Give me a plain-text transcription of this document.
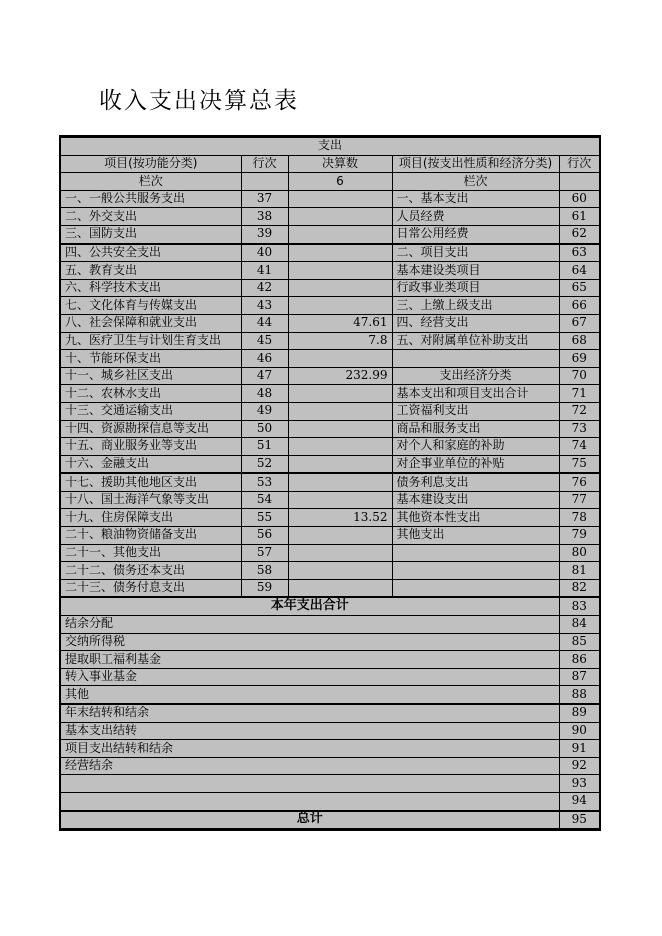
收入支出决算总表
支出				
项目(按功能分类)	行次	决算数	项目(按支出性质和经济分类)	行次
栏次		6	栏次	
一、一般公共服务支出	37		一、基本支出	60
二、外交支出	38		人员经费	61
三、国防支出	39		日常公用经费	62
四、公共安全支出	40		二、项目支出	63
五、教育支出	41		基本建设类项目	64
六、科学技术支出	42		行政事业类项目	65
七、文化体育与传媒支出	43		三、上缴上级支出	66
八、社会保障和就业支出	44	47.61	四、经营支出	67
九、医疗卫生与计划生育支出	45	7.8	五、对附属单位补助支出	68
十、节能环保支出	46			69
十一、城乡社区支出	47	232.99	支出经济分类	70
十二、农林水支出	48		基本支出和项目支出合计	71
十三、交通运输支出	49		工资福利支出	72
十四、资源勘探信息等支出	50		商品和服务支出	73
十五、商业服务业等支出	51		对个人和家庭的补助	74
十六、金融支出	52		对企事业单位的补贴	75
十七、援助其他地区支出	53		债务利息支出	76
十八、国土海洋气象等支出	54		基本建设支出	77
十九、住房保障支出	55	13.52	其他资本性支出	78
二十、粮油物资储备支出	56		其他支出	79
二十一、其他支出	57			80
二十二、债务还本支出	58			81
二十三、债务付息支出	59			82
本年支出合计				83
结余分配				84
交纳所得税				85
提取职工福利基金				86
转入事业基金				87
其他				88
年末结转和结余				89
基本支出结转				90
项目支出结转和结余				91
经营结余				92
				93
				94
总计				95
